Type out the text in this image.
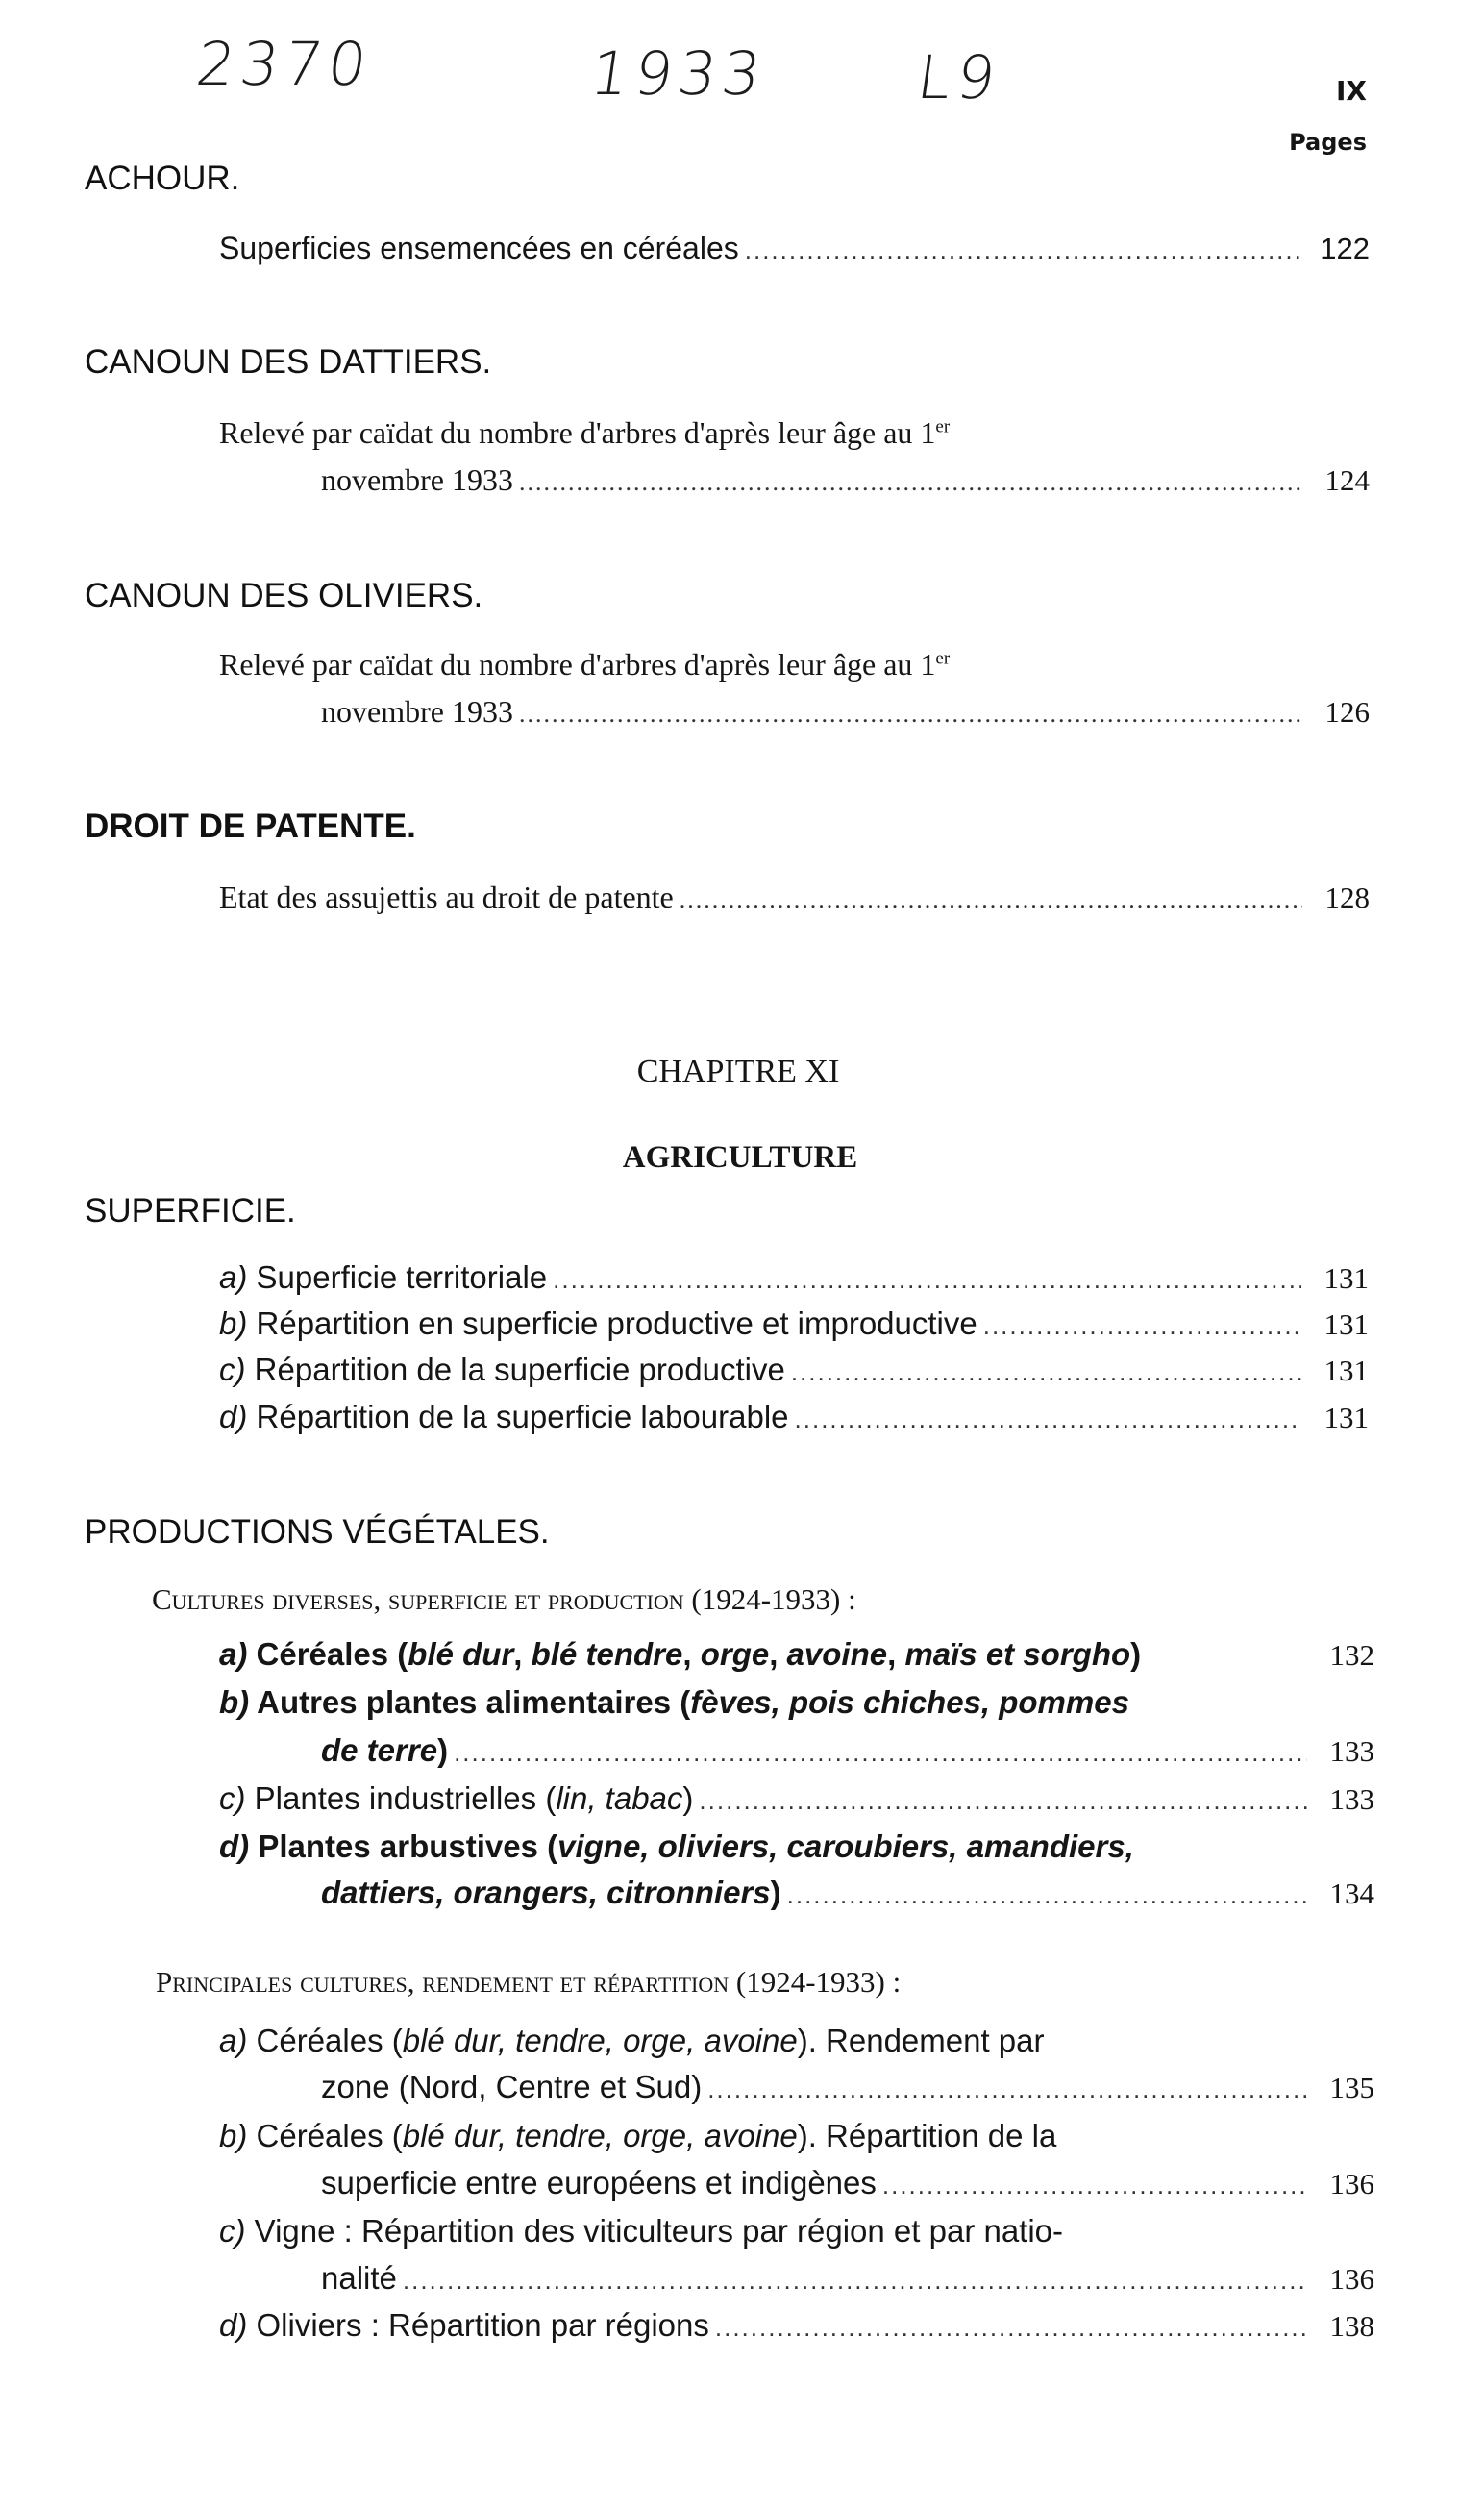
2370	1933 L9	IX
Pages
ACHOUR.
Superficies ensemencées en céréales .....	122
CANOUN DES DATTIERS.
Relevé par caïdat du nombre d'arbres d'après leur âge au 1er
novembre 1933 .....	124
CANOUN DES OLIVIERS.
Relevé par caïdat du nombre d'arbres d'après leur âge au 1er
novembre 1933 .....	126
DROIT DE PATENTE.
Etat des assujettis au droit de patente .....	128
CHAPITRE XI
AGRICULTURE
SUPERFICIE.
a) Superficie territoriale .....	131
b) Répartition en superficie productive et improductive .....	131
c) Répartition de la superficie productive .....	131
d) Répartition de la superficie labourable .....	131
PRODUCTIONS VÉGÉTALES.
Cultures diverses, superficie et production (1924-1933) :
a) Céréales (blé dur, blé tendre, orge, avoine, maïs et sorgho)	132
b) Autres plantes alimentaires (fèves, pois chiches, pommes
de terre) .....	133
c) Plantes industrielles (lin, tabac) .....	133
d) Plantes arbustives (vigne, oliviers, caroubiers, amandiers,
dattiers, orangers, citronniers) .....	134
Principales cultures, rendement et répartition (1924-1933) :
a) Céréales (blé dur, tendre, orge, avoine). Rendement par
zone (Nord, Centre et Sud) .....	135
b) Céréales (blé dur, tendre, orge, avoine). Répartition de la
superficie entre européens et indigènes .....	136
c) Vigne : Répartition des viticulteurs par région et par natio-
nalité .....	136
d) Oliviers : Répartition par régions .....	138
